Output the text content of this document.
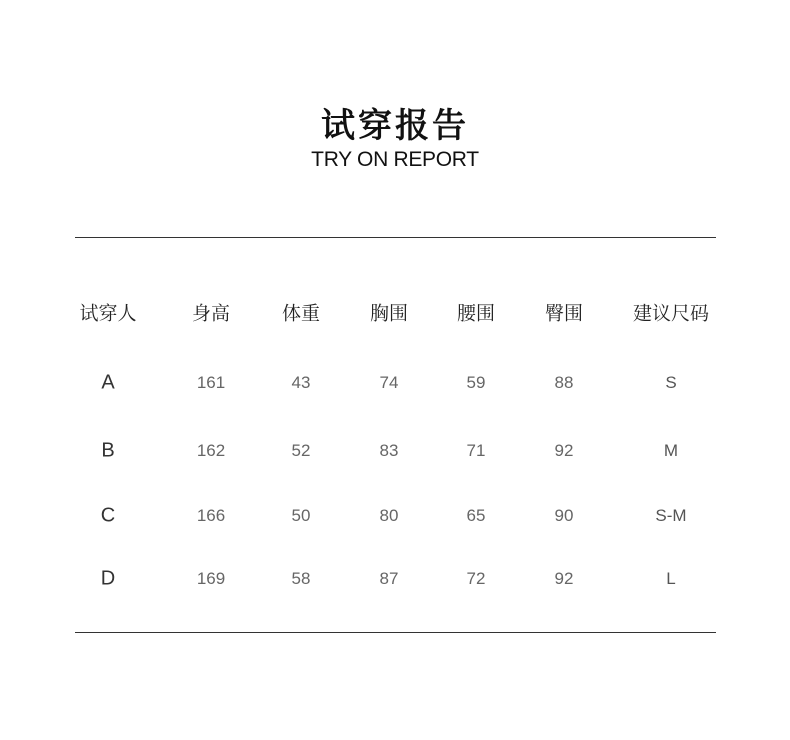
试穿报告
TRY ON REPORT
试穿人	身高	体重	胸围	腰围	臀围	建议尺码
A	161	43	74	59	88	S
B	162	52	83	71	92	M
C	166	50	80	65	90	S-M
D	169	58	87	72	92	L
